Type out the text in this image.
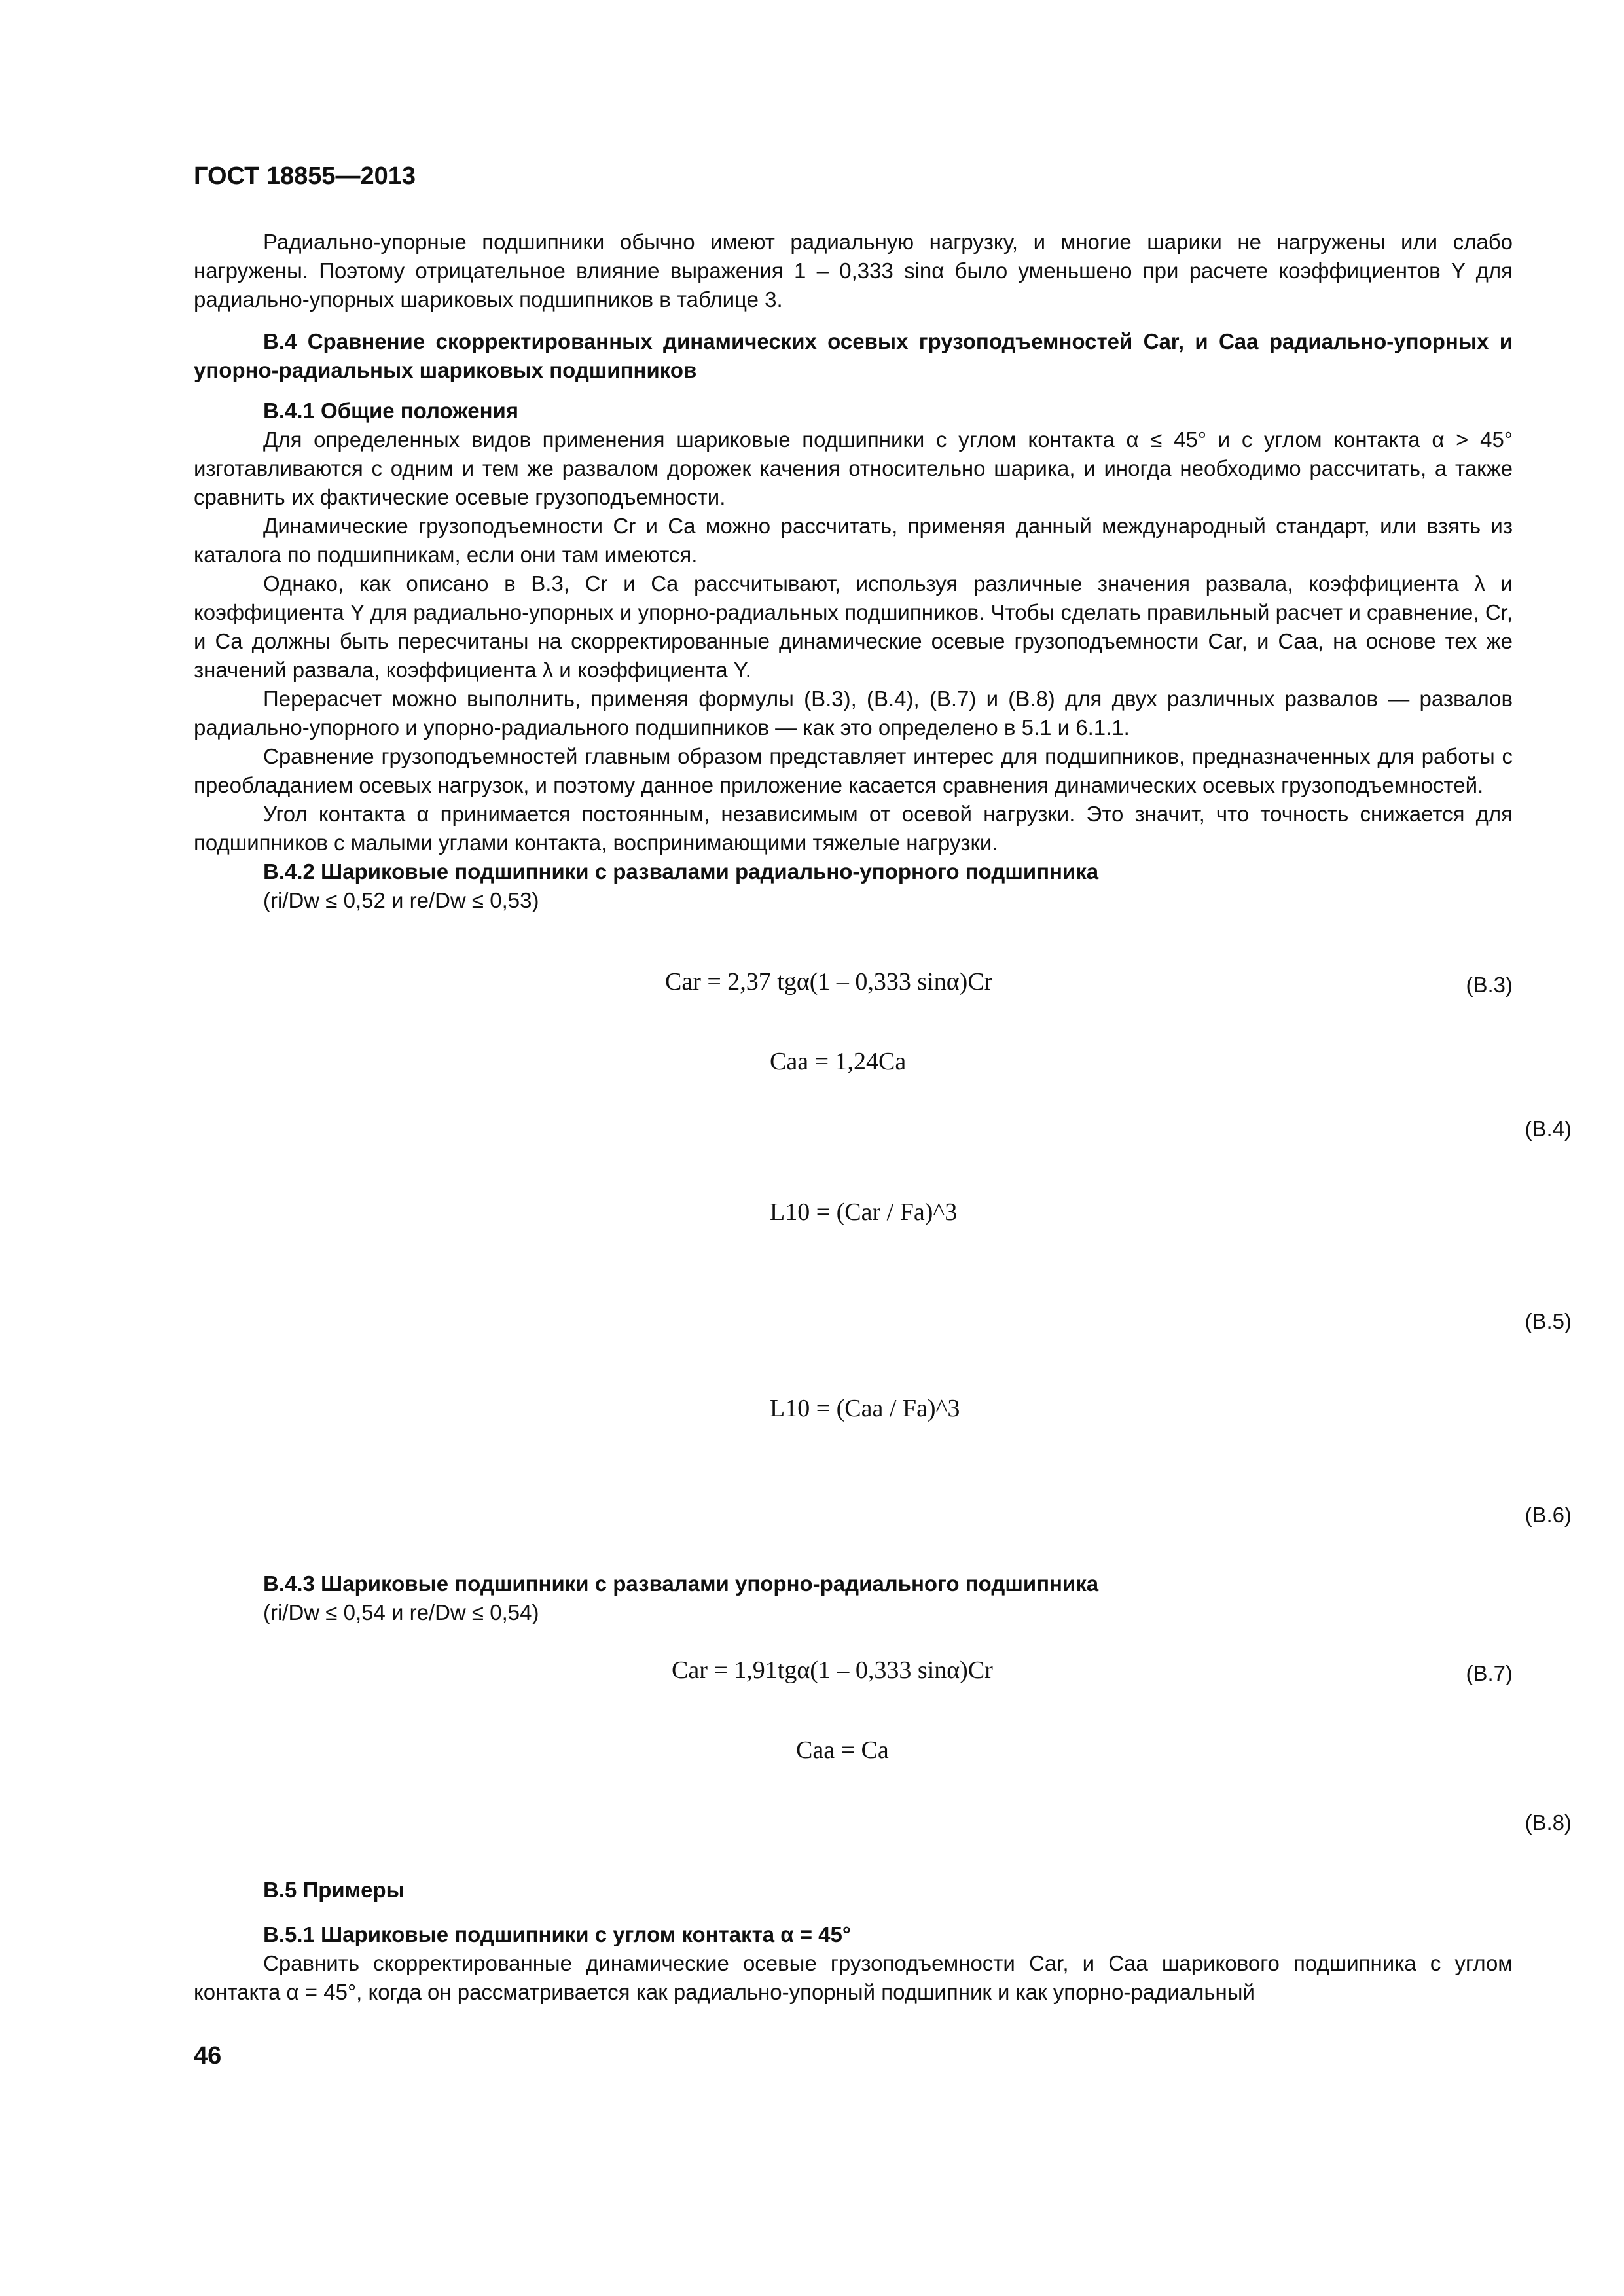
ГОСТ 18855—2013

Радиально-упорные подшипники обычно имеют радиальную нагрузку, и многие шарики не нагружены или слабо нагружены. Поэтому отрицательное влияние выражения 1 – 0,333 sinα было уменьшено при расчете коэффициентов Y для радиально-упорных шариковых подшипников в таблице 3.

В.4 Сравнение скорректированных динамических осевых грузоподъемностей Car, и Caa радиально-упорных и упорно-радиальных шариковых подшипников

В.4.1 Общие положения

Для определенных видов применения шариковые подшипники с углом контакта α ≤ 45° и с углом контакта α > 45° изготавливаются с одним и тем же развалом дорожек качения относительно шарика, и иногда необходимо рассчитать, а также сравнить их фактические осевые грузоподъемности.

Динамические грузоподъемности Cr и Ca можно рассчитать, применяя данный международный стандарт, или взять из каталога по подшипникам, если они там имеются.

Однако, как описано в В.3, Cr и Ca рассчитывают, используя различные значения развала, коэффициента λ и коэффициента Y для радиально-упорных и упорно-радиальных подшипников. Чтобы сделать правильный расчет и сравнение, Cr, и Ca должны быть пересчитаны на скорректированные динамические осевые грузоподъемности Car, и Caa, на основе тех же значений развала, коэффициента λ и коэффициента Y.

Перерасчет можно выполнить, применяя формулы (В.3), (В.4), (В.7) и (В.8) для двух различных развалов — развалов радиально-упорного и упорно-радиального подшипников — как это определено в 5.1 и 6.1.1.

Сравнение грузоподъемностей главным образом представляет интерес для подшипников, предназначенных для работы с преобладанием осевых нагрузок, и поэтому данное приложение касается сравнения динамических осевых грузоподъемностей.

Угол контакта α принимается постоянным, независимым от осевой нагрузки. Это значит, что точность снижается для подшипников с малыми углами контакта, воспринимающими тяжелые нагрузки.

В.4.2 Шариковые подшипники с развалами радиально-упорного подшипника

(ri/Dw ≤ 0,52 и re/Dw ≤ 0,53)
Car = 2,37 tgα(1 – 0,333 sinα)Cr	(В.3)
Caa = 1,24Ca
(В.4)
L10 = (Car / Fa)^3
(В.5)
L10 = (Caa / Fa)^3
(В.6)

В.4.3 Шариковые подшипники с развалами упорно-радиального подшипника

(ri/Dw ≤ 0,54 и re/Dw ≤ 0,54)
Car = 1,91tgα(1 – 0,333 sinα)Cr	(В.7)
Caa = Ca
(В.8)

В.5 Примеры

В.5.1 Шариковые подшипники с углом контакта α = 45°

Сравнить скорректированные динамические осевые грузоподъемности Car, и Caa шарикового подшипника с углом контакта α = 45°, когда он рассматривается как радиально-упорный подшипник и как упорно-радиальный

46
